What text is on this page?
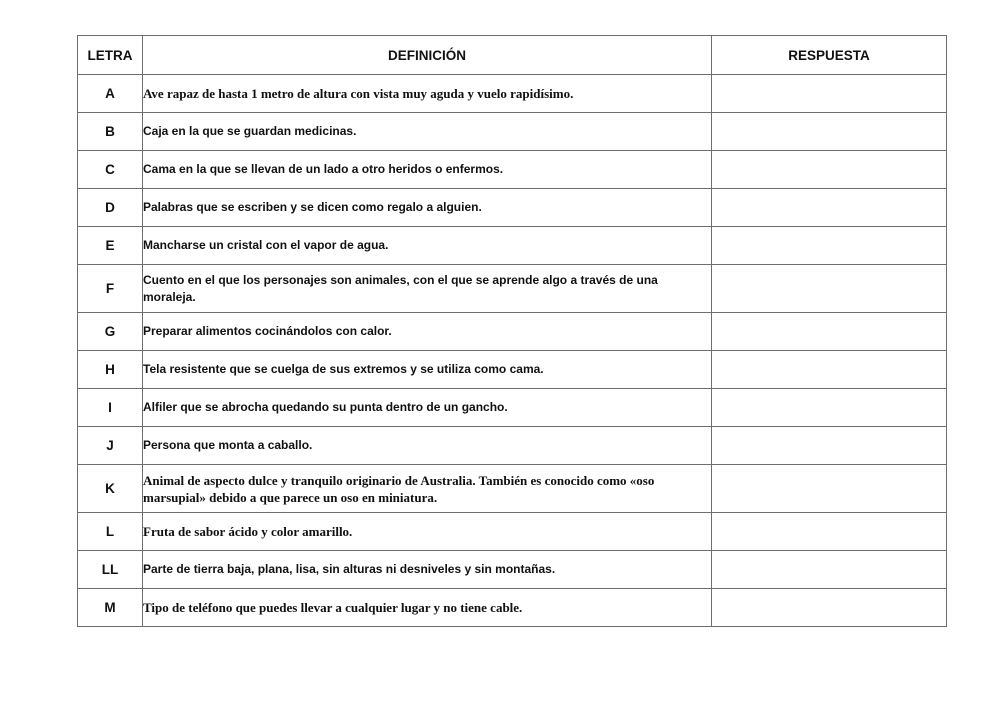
LETRA	DEFINICIÓN	RESPUESTA
A	Ave rapaz de hasta 1 metro de altura con vista muy aguda y vuelo rapidísimo.	
B	Caja en la que se guardan medicinas.	
C	Cama en la que se llevan de un lado a otro heridos o enfermos.	
D	Palabras que se escriben y se dicen como regalo a alguien.	
E	Mancharse un cristal con el vapor de agua.	
F	Cuento en el que los personajes son animales, con el que se aprende algo a través de una moraleja.	
G	Preparar alimentos cocinándolos con calor.	
H	Tela resistente que se cuelga de sus extremos y se utiliza como cama.	
I	Alfiler que se abrocha quedando su punta dentro de un gancho.	
J	Persona que monta a caballo.	
K	Animal de aspecto dulce y tranquilo originario de Australia. También es conocido como «oso marsupial» debido a que parece un oso en miniatura.	
L	Fruta de sabor ácido y color amarillo.	
LL	Parte de tierra baja, plana, lisa, sin alturas ni desniveles y sin montañas.	
M	Tipo de teléfono que puedes llevar a cualquier lugar y no tiene cable.	
